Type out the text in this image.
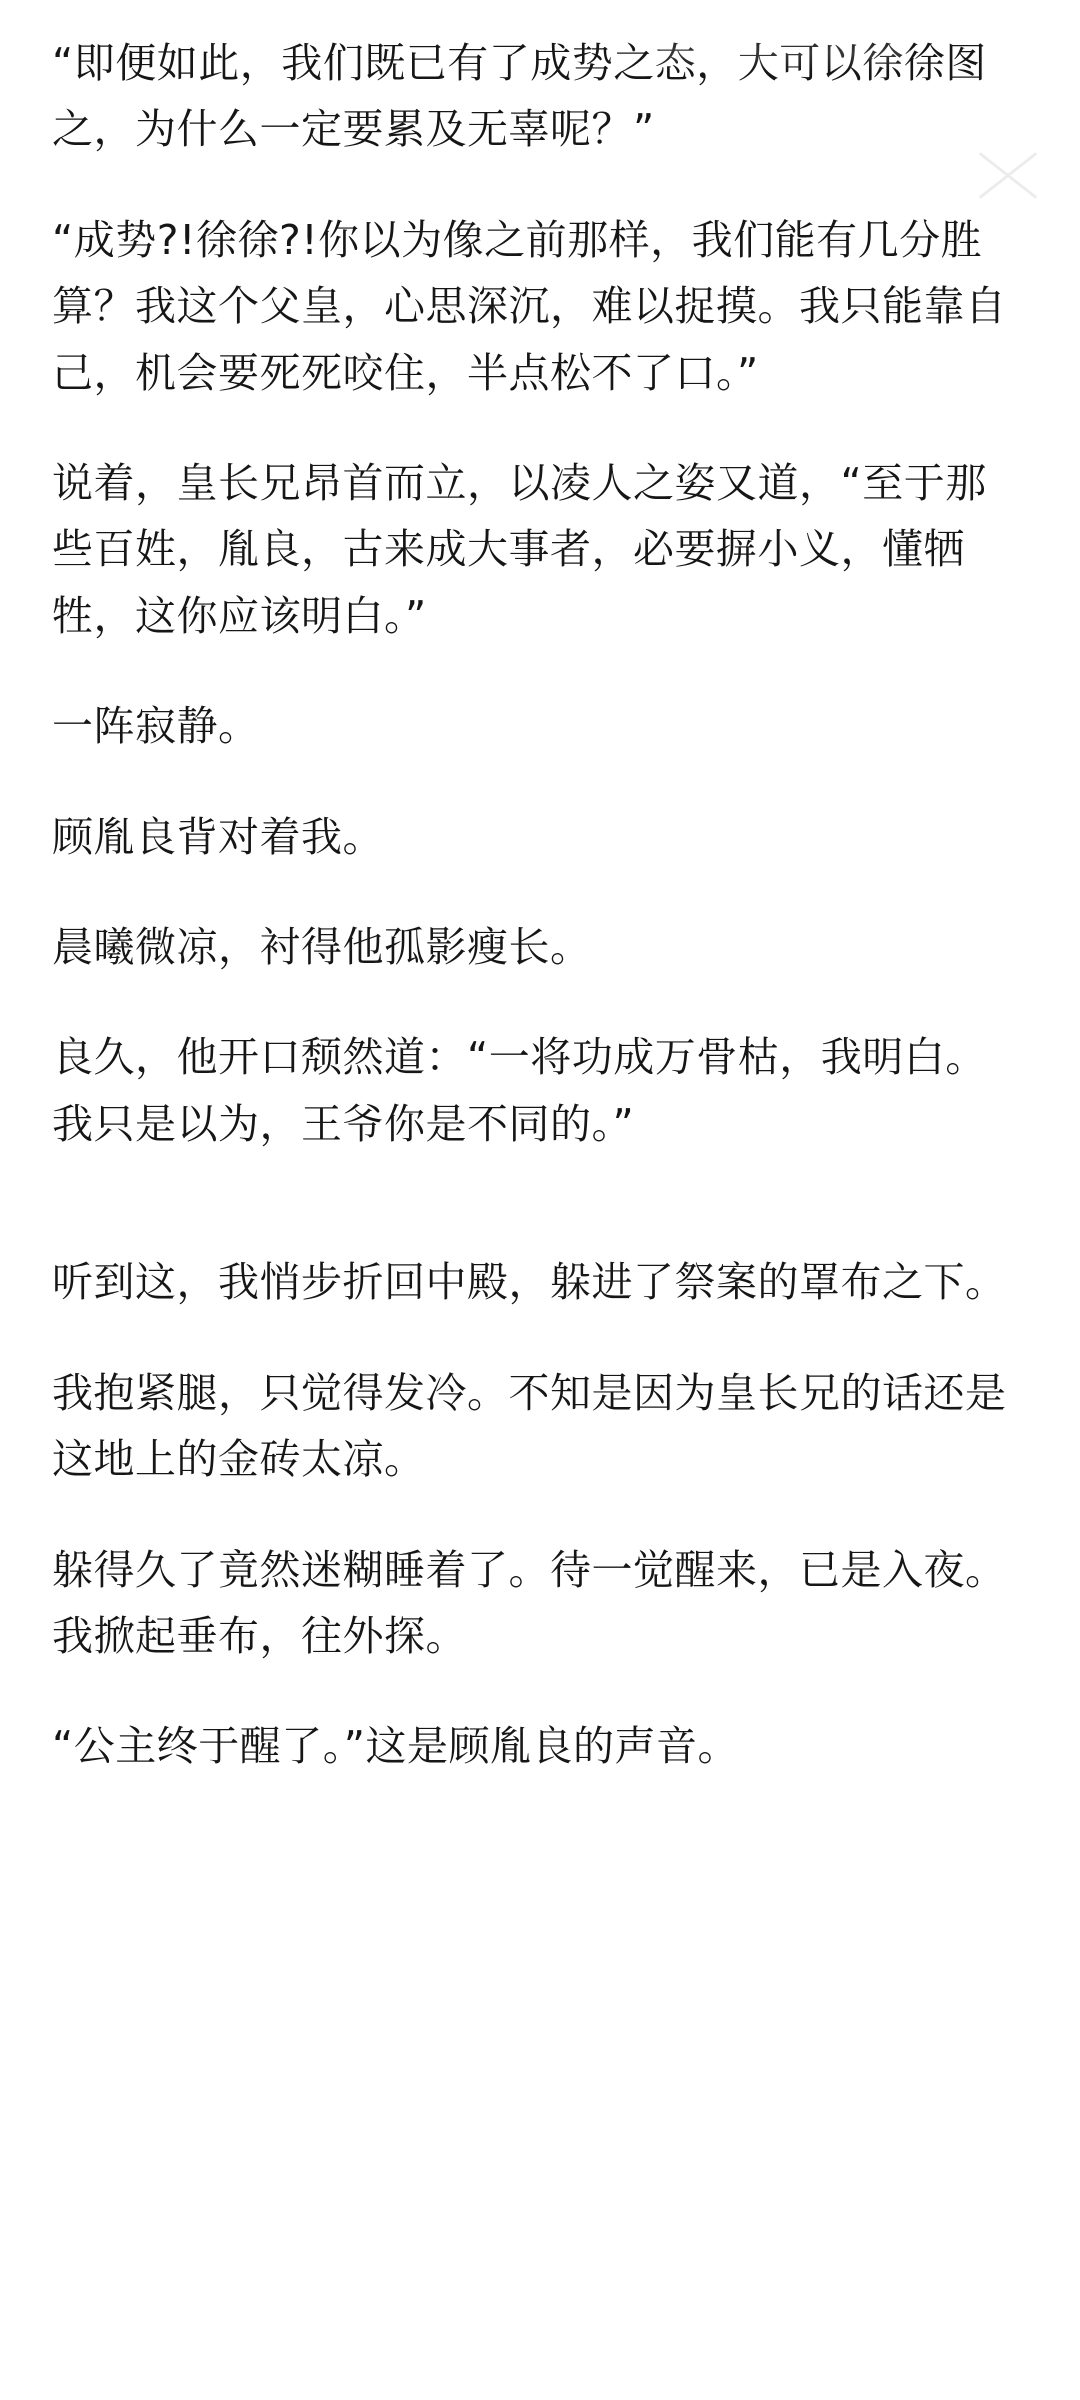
“即便如此，我们既已有了成势之态，大可以徐徐图之，为什么一定要累及无辜呢？”

“成势?!徐徐?!你以为像之前那样，我们能有几分胜算？我这个父皇，心思深沉，难以捉摸。我只能靠自己，机会要死死咬住，半点松不了口。”

说着，皇长兄昂首而立，以凌人之姿又道，“至于那些百姓，胤良，古来成大事者，必要摒小义，懂牺牲，这你应该明白。”

一阵寂静。

顾胤良背对着我。

晨曦微凉，衬得他孤影瘦长。

良久，他开口颓然道：“一将功成万骨枯，我明白。我只是以为，王爷你是不同的。”

听到这，我悄步折回中殿，躲进了祭案的罩布之下。

我抱紧腿，只觉得发冷。不知是因为皇长兄的话还是这地上的金砖太凉。

躲得久了竟然迷糊睡着了。待一觉醒来，已是入夜。我掀起垂布，往外探。

“公主终于醒了。”这是顾胤良的声音。
